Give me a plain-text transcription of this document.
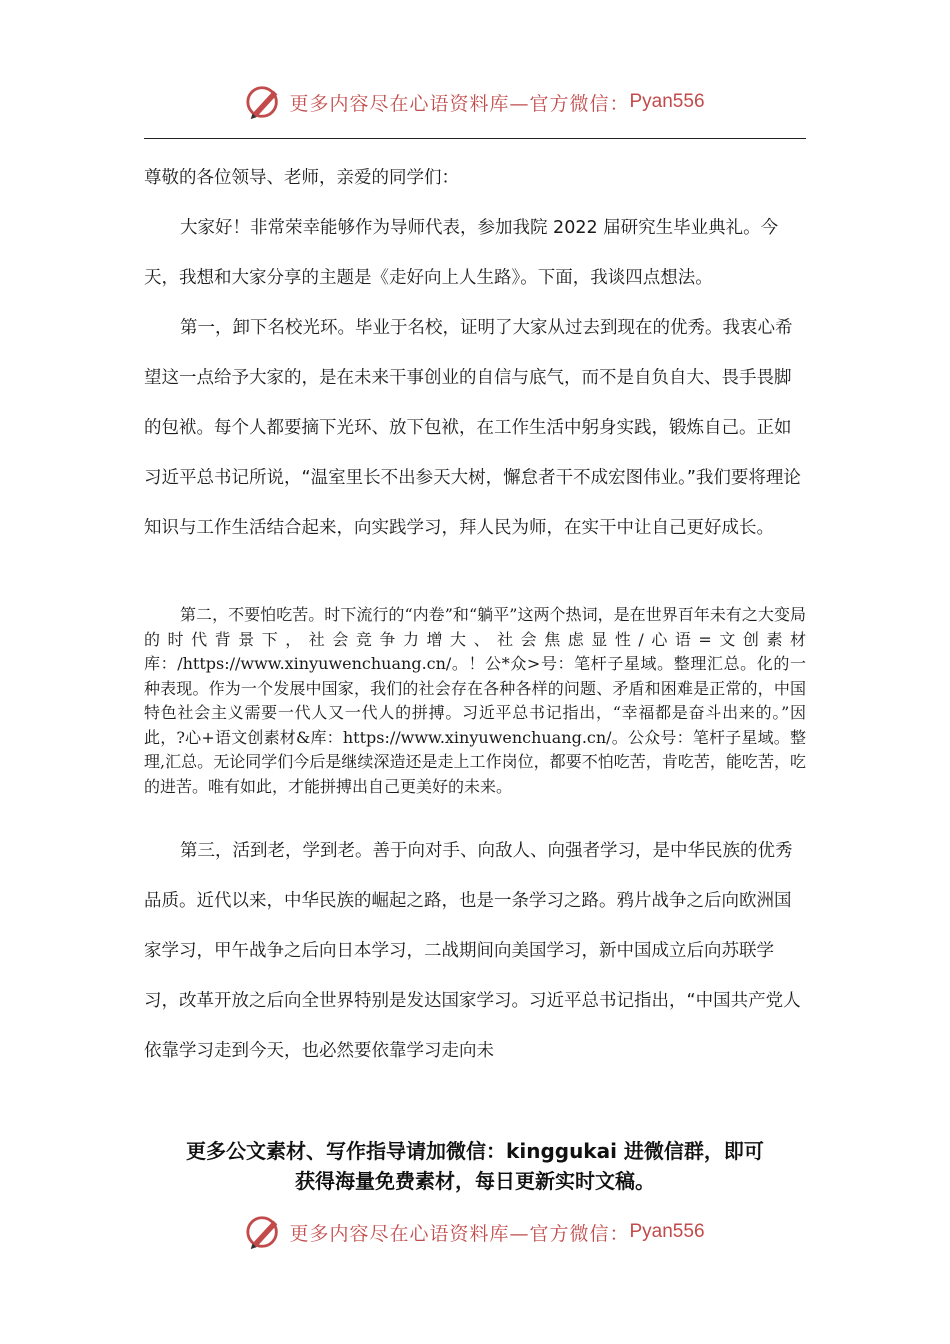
更多内容尽在心语资料库—官方微信： Pyan556

尊敬的各位领导、老师，亲爱的同学们：

大家好！非常荣幸能够作为导师代表，参加我院 2022 届研究生毕业典礼。今天，我想和大家分享的主题是《走好向上人生路》。下面，我谈四点想法。

第一，卸下名校光环。毕业于名校，证明了大家从过去到现在的优秀。我衷心希望这一点给予大家的，是在未来干事创业的自信与底气，而不是自负自大、畏手畏脚的包袱。每个人都要摘下光环、放下包袱，在工作生活中躬身实践，锻炼自己。正如习近平总书记所说，“温室里长不出参天大树，懈怠者干不成宏图伟业。”我们要将理论知识与工作生活结合起来，向实践学习，拜人民为师，在实干中让自己更好成长。

第二，不要怕吃苦。时下流行的“内卷”和“躺平”这两个热词，是在世界百年未有之大变局的时代背景下，社会竞争力增大、社会焦虑显性/心语=文创素材库：/https://www.xinyuwenchuang.cn/。！公*众>号：笔杆子星域。整理汇总。化的一种表现。作为一个发展中国家，我们的社会存在各种各样的问题、矛盾和困难是正常的，中国特色社会主义需要一代人又一代人的拼搏。习近平总书记指出，“幸福都是奋斗出来的。”因此，?心+语文创素材&库：https://www.xinyuwenchuang.cn/。公众号：笔杆子星域。整理,汇总。无论同学们今后是继续深造还是走上工作岗位，都要不怕吃苦，肯吃苦，能吃苦，吃的进苦。唯有如此，才能拼搏出自己更美好的未来。

第三，活到老，学到老。善于向对手、向敌人、向强者学习，是中华民族的优秀品质。近代以来，中华民族的崛起之路，也是一条学习之路。鸦片战争之后向欧洲国家学习，甲午战争之后向日本学习，二战期间向美国学习，新中国成立后向苏联学习，改革开放之后向全世界特别是发达国家学习。习近平总书记指出，“中国共产党人依靠学习走到今天，也必然要依靠学习走向未

更多公文素材、写作指导请加微信：kinggukai 进微信群，即可
获得海量免费素材，每日更新实时文稿。
更多内容尽在心语资料库—官方微信： Pyan556
